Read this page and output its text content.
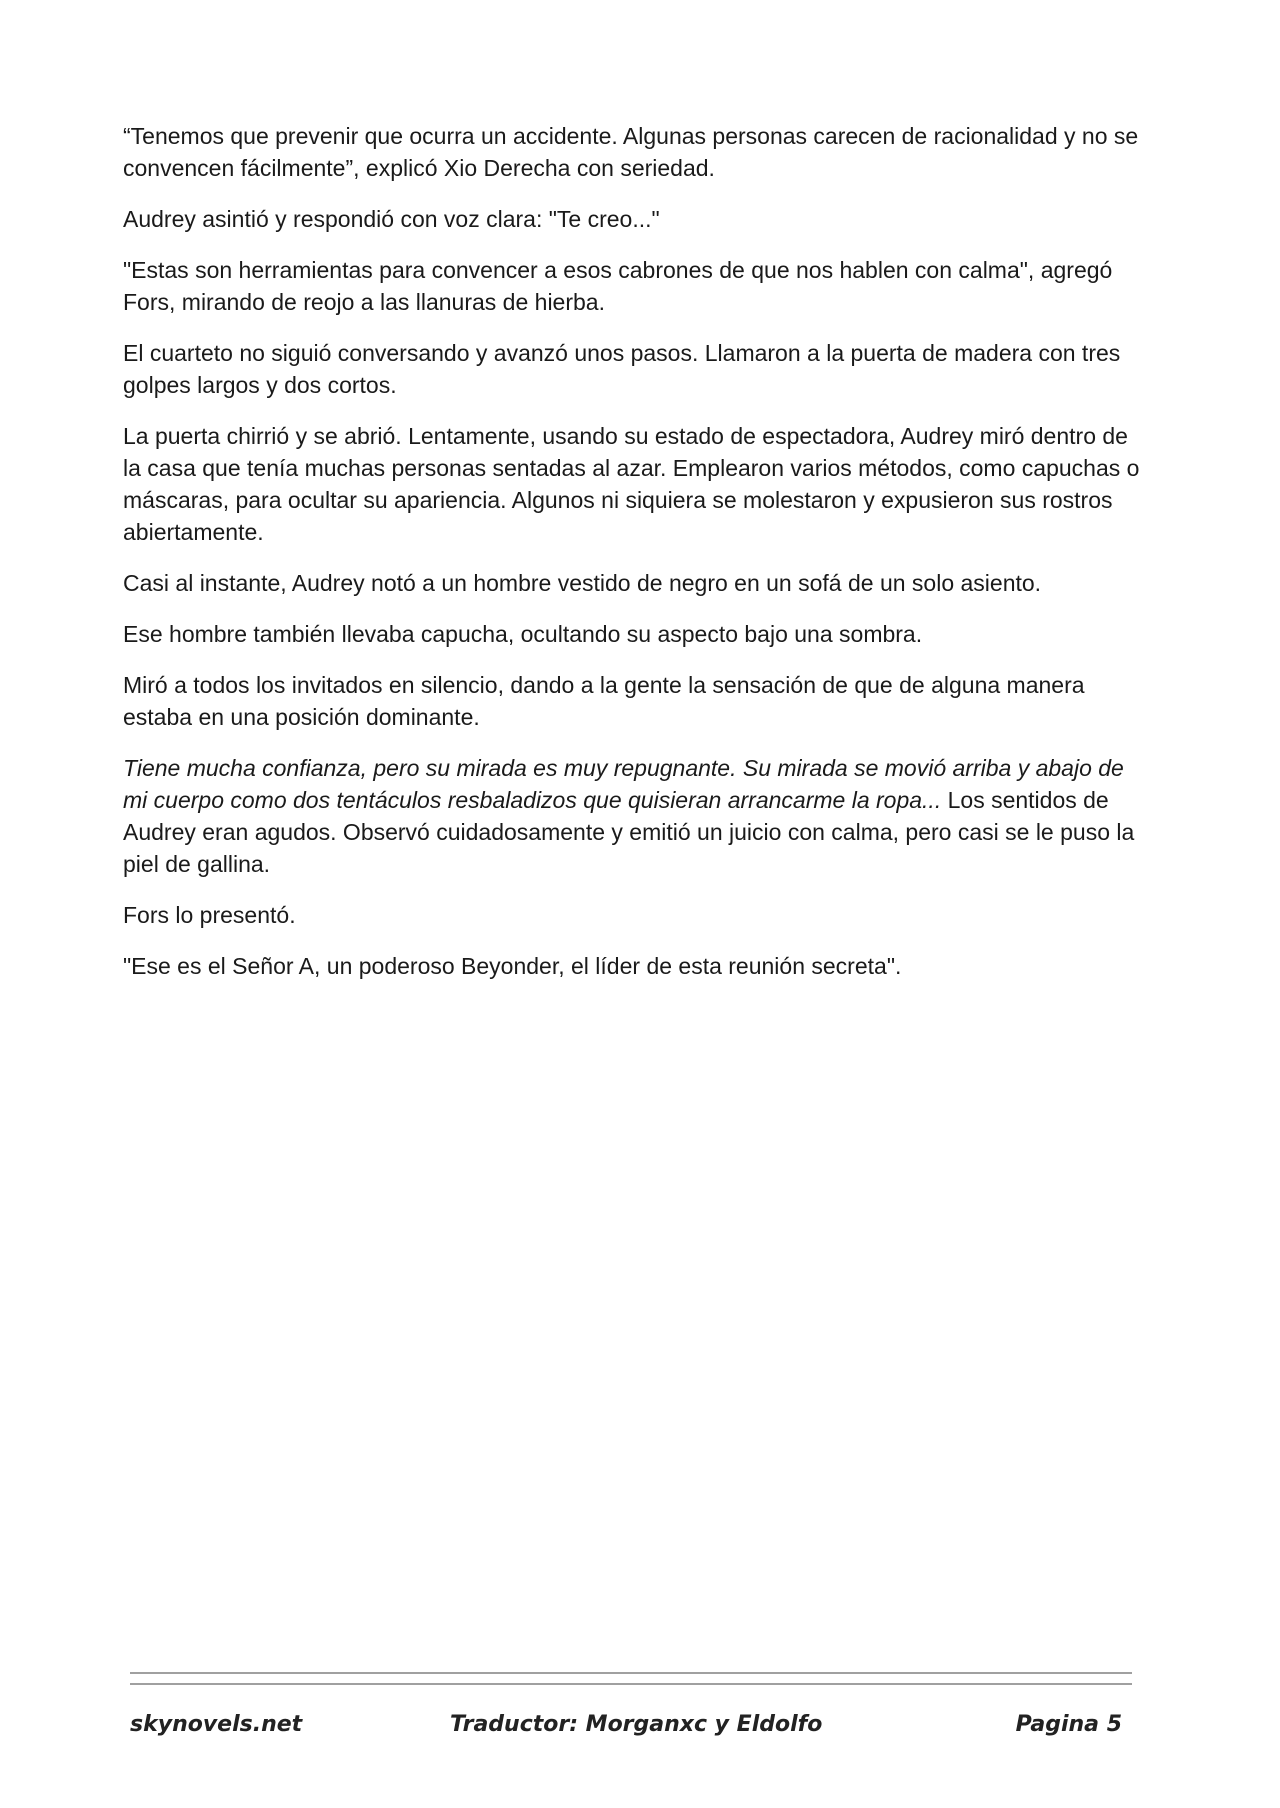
“Tenemos que prevenir que ocurra un accidente. Algunas personas carecen de racionalidad y no se convencen fácilmente”, explicó Xio Derecha con seriedad.

Audrey asintió y respondió con voz clara: "Te creo..."

"Estas son herramientas para convencer a esos cabrones de que nos hablen con calma", agregó Fors, mirando de reojo a las llanuras de hierba.

El cuarteto no siguió conversando y avanzó unos pasos. Llamaron a la puerta de madera con tres golpes largos y dos cortos.

La puerta chirrió y se abrió. Lentamente, usando su estado de espectadora, Audrey miró dentro de la casa que tenía muchas personas sentadas al azar. Emplearon varios métodos, como capuchas o máscaras, para ocultar su apariencia. Algunos ni siquiera se molestaron y expusieron sus rostros abiertamente.

Casi al instante, Audrey notó a un hombre vestido de negro en un sofá de un solo asiento.

Ese hombre también llevaba capucha, ocultando su aspecto bajo una sombra.

Miró a todos los invitados en silencio, dando a la gente la sensación de que de alguna manera estaba en una posición dominante.

Tiene mucha confianza, pero su mirada es muy repugnante. Su mirada se movió arriba y abajo de mi cuerpo como dos tentáculos resbaladizos que quisieran arrancarme la ropa... Los sentidos de Audrey eran agudos. Observó cuidadosamente y emitió un juicio con calma, pero casi se le puso la piel de gallina.

Fors lo presentó.

"Ese es el Señor A, un poderoso Beyonder, el líder de esta reunión secreta".

skynovels.net	Traductor: Morganxc y Eldolfo	Pagina 5
